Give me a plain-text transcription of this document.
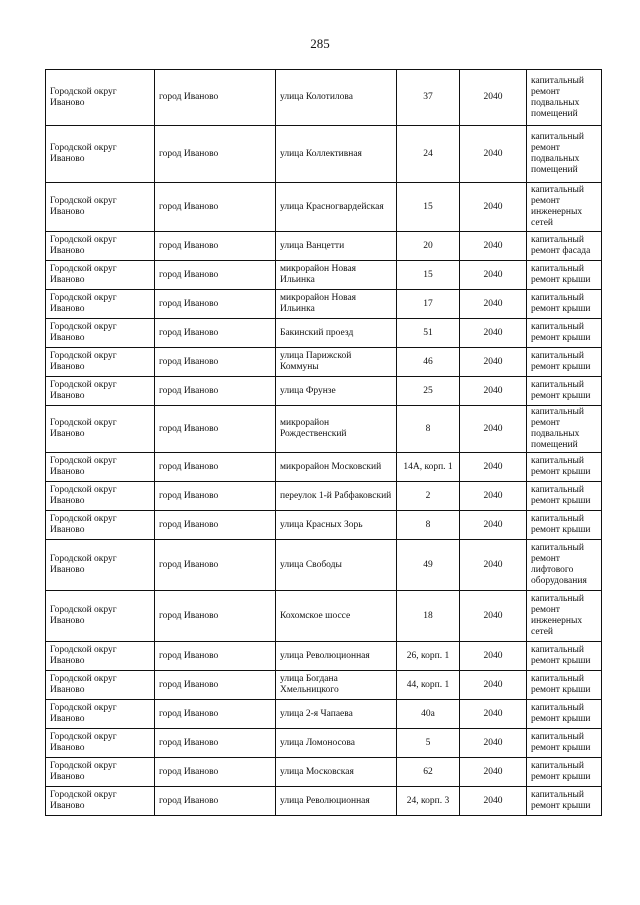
285
Городской округ Иваново	город Иваново	улица Колотилова	37	2040	капитальный ремонт подвальных помещений
Городской округ Иваново	город Иваново	улица Коллективная	24	2040	капитальный ремонт подвальных помещений
Городской округ Иваново	город Иваново	улица Красногвардейская	15	2040	капитальный ремонт инженерных сетей
Городской округ Иваново	город Иваново	улица Ванцетти	20	2040	капитальный ремонт фасада
Городской округ Иваново	город Иваново	микрорайон Новая Ильинка	15	2040	капитальный ремонт крыши
Городской округ Иваново	город Иваново	микрорайон Новая Ильинка	17	2040	капитальный ремонт крыши
Городской округ Иваново	город Иваново	Бакинский проезд	51	2040	капитальный ремонт крыши
Городской округ Иваново	город Иваново	улица Парижской Коммуны	46	2040	капитальный ремонт крыши
Городской округ Иваново	город Иваново	улица Фрунзе	25	2040	капитальный ремонт крыши
Городской округ Иваново	город Иваново	микрорайон Рождественский	8	2040	капитальный ремонт подвальных помещений
Городской округ Иваново	город Иваново	микрорайон Московский	14А, корп. 1	2040	капитальный ремонт крыши
Городской округ Иваново	город Иваново	переулок 1-й Рабфаковский	2	2040	капитальный ремонт крыши
Городской округ Иваново	город Иваново	улица Красных Зорь	8	2040	капитальный ремонт крыши
Городской округ Иваново	город Иваново	улица Свободы	49	2040	капитальный ремонт лифтового оборудования
Городской округ Иваново	город Иваново	Кохомское шоссе	18	2040	капитальный ремонт инженерных сетей
Городской округ Иваново	город Иваново	улица Революционная	26, корп. 1	2040	капитальный ремонт крыши
Городской округ Иваново	город Иваново	улица Богдана Хмельницкого	44, корп. 1	2040	капитальный ремонт крыши
Городской округ Иваново	город Иваново	улица 2-я Чапаева	40а	2040	капитальный ремонт крыши
Городской округ Иваново	город Иваново	улица Ломоносова	5	2040	капитальный ремонт крыши
Городской округ Иваново	город Иваново	улица Московская	62	2040	капитальный ремонт крыши
Городской округ Иваново	город Иваново	улица Революционная	24, корп. 3	2040	капитальный ремонт крыши
